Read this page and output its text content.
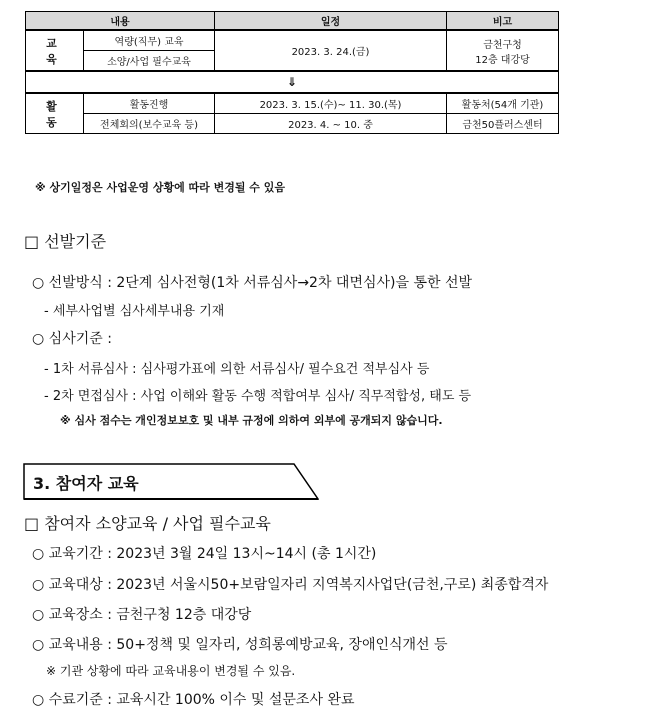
내용		일정	비고
교육	역량(직무) 교육	2023. 3. 24.(금)	금천구청
12층 대강당

	소양/사업 필수교육		
⇓			
활동	활동진행	2023. 3. 15.(수)~ 11. 30.(목)	활동처(54개 기관)
	전체회의(보수교육 등)	2023. 4. ~ 10. 중	금천50플러스센터
※ 상기일정은 사업운영 상황에 따라 변경될 수 있음
□ 선발기준
○ 선발방식 : 2단계 심사전형(1차 서류심사→2차 대면심사)을 통한 선발
- 세부사업별 심사세부내용 기재
○ 심사기준 :
- 1차 서류심사 : 심사평가표에 의한 서류심사/ 필수요건 적부심사 등
- 2차 면접심사 : 사업 이해와 활동 수행 적합여부 심사/ 직무적합성, 태도 등
※ 심사 점수는 개인정보보호 및 내부 규정에 의하여 외부에 공개되지 않습니다.
3. 참여자 교육
□ 참여자 소양교육 / 사업 필수교육
○ 교육기간 : 2023년 3월 24일 13시~14시 (총 1시간)
○ 교육대상 : 2023년 서울시50+보람일자리 지역복지사업단(금천,구로) 최종합격자
○ 교육장소 : 금천구청 12층 대강당
○ 교육내용 : 50+정책 및 일자리, 성희롱예방교육, 장애인식개선 등
※ 기관 상황에 따라 교육내용이 변경될 수 있음.
○ 수료기준 : 교육시간 100% 이수 및 설문조사 완료
